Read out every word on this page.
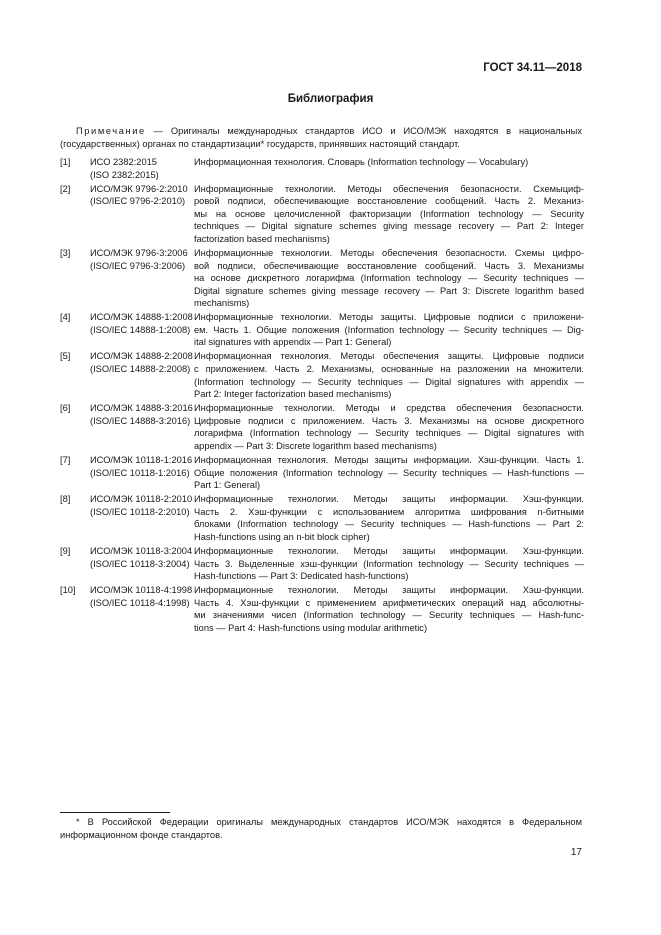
ГОСТ 34.11—2018
Библиография
Примечание — Оригиналы международных стандартов ИСО и ИСО/МЭК находятся в национальных
(государственных) органах по стандартизации* государств, принявших настоящий стандарт.
[1]	ИСО 2382:2015
(ISO 2382:2015)
Информационная технология. Словарь (Information technology — Vocabulary)
[2]	ИСО/МЭК 9796-2:2010
(ISO/IEC 9796-2:2010)
Информационные технологии. Методы обеспечения безопасности. Схемыциф-
ровой подписи, обеспечивающие восстановление сообщений. Часть 2. Механиз-
мы на основе целочисленной факторизации (Information technology — Security
techniques — Digital signature schemes giving message recovery — Part 2: Integer
factorization based mechanisms)
[3]	ИСО/МЭК 9796-3:2006
(ISO/IEC 9796-3:2006)
Информационные технологии. Методы обеспечения безопасности. Схемы цифро-
вой подписи, обеспечивающие восстановление сообщений. Часть 3. Механизмы
на основе дискретного логарифма (Information technology — Security techniques —
Digital signature schemes giving message recovery — Part 3: Discrete logarithm based
mechanisms)
[4]	ИСО/МЭК 14888-1:2008
(ISO/IEC 14888-1:2008)
Информационные технологии. Методы защиты. Цифровые подписи с приложени-
ем. Часть 1. Общие положения (Information technology — Security techniques — Dig-
ital signatures with appendix — Part 1: General)
[5]	ИСО/МЭК 14888-2:2008
(ISO/IEC 14888-2:2008)
Информационная технология. Методы обеспечения защиты. Цифровые подписи
с приложением. Часть 2. Механизмы, основанные на разложении на множители.
(Information technology — Security techniques — Digital signatures with appendix —
Part 2: Integer factorization based mechanisms)
[6]	ИСО/МЭК 14888-3:2016
(ISO/IEC 14888-3:2016)
Информационные технологии. Методы и средства обеспечения безопасности.
Цифровые подписи с приложением. Часть 3. Механизмы на основе дискретного
логарифма (Information technology — Security techniques — Digital signatures with
appendix — Part 3: Discrete logarithm based mechanisms)
[7]	ИСО/МЭК 10118-1:2016
(ISO/IEC 10118-1:2016)
Информационная технология. Методы защиты информации. Хэш-функции. Часть 1.
Общие положения (Information technology — Security techniques — Hash-functions —
Part 1: General)
[8]	ИСО/МЭК 10118-2:2010
(ISO/IEC 10118-2:2010)
Информационные технологии. Методы защиты информации. Хэш-функции.
Часть 2. Хэш-функции с использованием алгоритма шифрования n-битными
блоками (Information technology — Security techniques — Hash-functions — Part 2:
Hash-functions using an n-bit block cipher)
[9]	ИСО/МЭК 10118-3:2004
(ISO/IEC 10118-3:2004)
Информационные технологии. Методы защиты информации. Хэш-функции.
Часть 3. Выделенные хэш-функции (Information technology — Security techniques —
Hash-functions — Part 3: Dedicated hash-functions)
[10]	ИСО/МЭК 10118-4:1998
(ISO/IEC 10118-4:1998)
Информационные технологии. Методы защиты информации. Хэш-функции.
Часть 4. Хэш-функции с применением арифметических операций над абсолютны-
ми значениями чисел (Information technology — Security techniques — Hash-func-
tions — Part 4: Hash-functions using modular arithmetic)
* В Российской Федерации оригиналы международных стандартов ИСО/МЭК находятся в Федеральном
информационном фонде стандартов.
17
